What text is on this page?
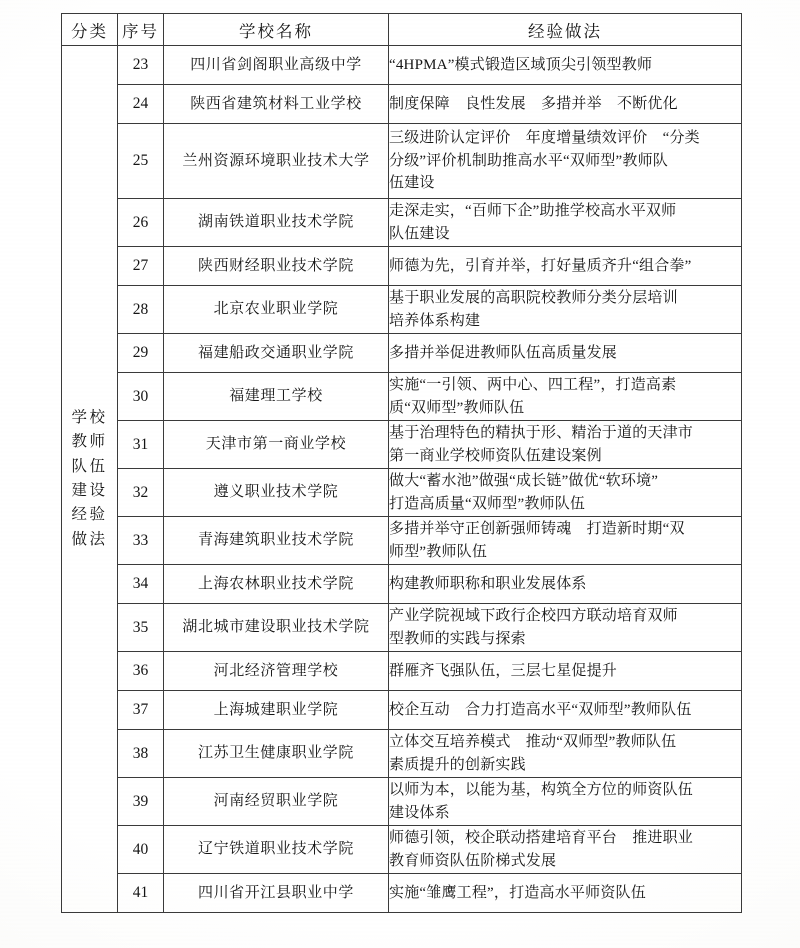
分类	序号	学校名称	经验做法

学校
教师
队伍
建设
经验
做法
	23	四川省剑阁职业高级中学	“4HPMA”模式锻造区域顶尖引领型教师

	24	陕西省建筑材料工业学校	制度保障　良性发展　多措并举　不断优化

	25	兰州资源环境职业技术大学	三级进阶认定评价　年度增量绩效评价　“分类
分级”评价机制助推高水平“双师型”教师队
伍建设

	26	湖南铁道职业技术学院	走深走实，“百师下企”助推学校高水平双师
队伍建设

	27	陕西财经职业技术学院	师德为先，引育并举，打好量质齐升“组合拳”

	28	北京农业职业学院	基于职业发展的高职院校教师分类分层培训
培养体系构建

	29	福建船政交通职业学院	多措并举促进教师队伍高质量发展

	30	福建理工学校	实施“一引领、两中心、四工程”，打造高素
质“双师型”教师队伍

	31	天津市第一商业学校	基于治理特色的精执于形、精治于道的天津市
第一商业学校师资队伍建设案例

	32	遵义职业技术学院	做大“蓄水池”做强“成长链”做优“软环境”
打造高质量“双师型”教师队伍

	33	青海建筑职业技术学院	多措并举守正创新强师铸魂　打造新时期“双
师型”教师队伍

	34	上海农林职业技术学院	构建教师职称和职业发展体系

	35	湖北城市建设职业技术学院	产业学院视域下政行企校四方联动培育双师
型教师的实践与探索

	36	河北经济管理学校	群雁齐飞强队伍，三层七星促提升

	37	上海城建职业学院	校企互动　合力打造高水平“双师型”教师队伍

	38	江苏卫生健康职业学院	立体交互培养模式　推动“双师型”教师队伍
素质提升的创新实践

	39	河南经贸职业学院	以师为本，以能为基，构筑全方位的师资队伍
建设体系

	40	辽宁铁道职业技术学院	师德引领，校企联动搭建培育平台　推进职业
教育师资队伍阶梯式发展

	41	四川省开江县职业中学	实施“雏鹰工程”，打造高水平师资队伍
